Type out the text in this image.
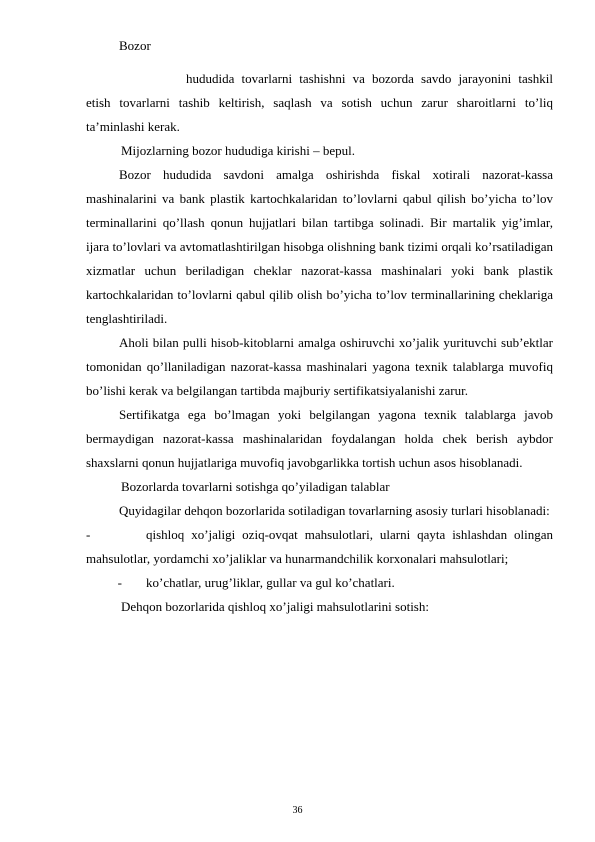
Bozor

hududida tovarlarni tashishni va bozorda savdo jarayonini tashkil etish tovarlarni tashib keltirish, saqlash va sotish uchun zarur sharoitlarni to’liq ta’minlashi kerak.

Mijozlarning bozor hududiga kirishi – bepul.

Bozor hududida savdoni amalga oshirishda fiskal xotirali nazorat-kassa mashinalarini va bank plastik kartochkalaridan to’lovlarni qabul qilish bo’yicha to’lov terminallarini qo’llash qonun hujjatlari bilan tartibga solinadi. Bir martalik yig’imlar, ijara to’lovlari va avtomatlashtirilgan hisobga olishning bank tizimi orqali ko’rsatiladigan xizmatlar uchun beriladigan cheklar nazorat-kassa mashinalari yoki bank plastik kartochkalaridan to’lovlarni qabul qilib olish bo’yicha to’lov terminallarining cheklariga tenglashtiriladi.

Aholi bilan pulli hisob-kitoblarni amalga oshiruvchi xo’jalik yurituvchi sub’ektlar tomonidan qo’llaniladigan nazorat-kassa mashinalari yagona texnik talablarga muvofiq bo’lishi kerak va belgilangan tartibda majburiy sertifikatsiyalanishi zarur.

Sertifikatga ega bo’lmagan yoki belgilangan yagona texnik talablarga javob bermaydigan nazorat-kassa mashinalaridan foydalangan holda chek berish aybdor shaxslarni qonun hujjatlariga muvofiq javobgarlikka tortish uchun asos hisoblanadi.

Bozorlarda tovarlarni sotishga qo’yiladigan talablar

Quyidagilar dehqon bozorlarida sotiladigan tovarlarning asosiy turlari hisoblanadi:

-	qishloq xo’jaligi oziq-ovqat mahsulotlari, ularni qayta ishlashdan olingan mahsulotlar, yordamchi xo’jaliklar va hunarmandchilik korxonalari mahsulotlari;
- ko’chatlar, urug’liklar, gullar va gul ko’chatlari.

Dehqon bozorlarida qishloq xo’jaligi mahsulotlarini sotish:

36
